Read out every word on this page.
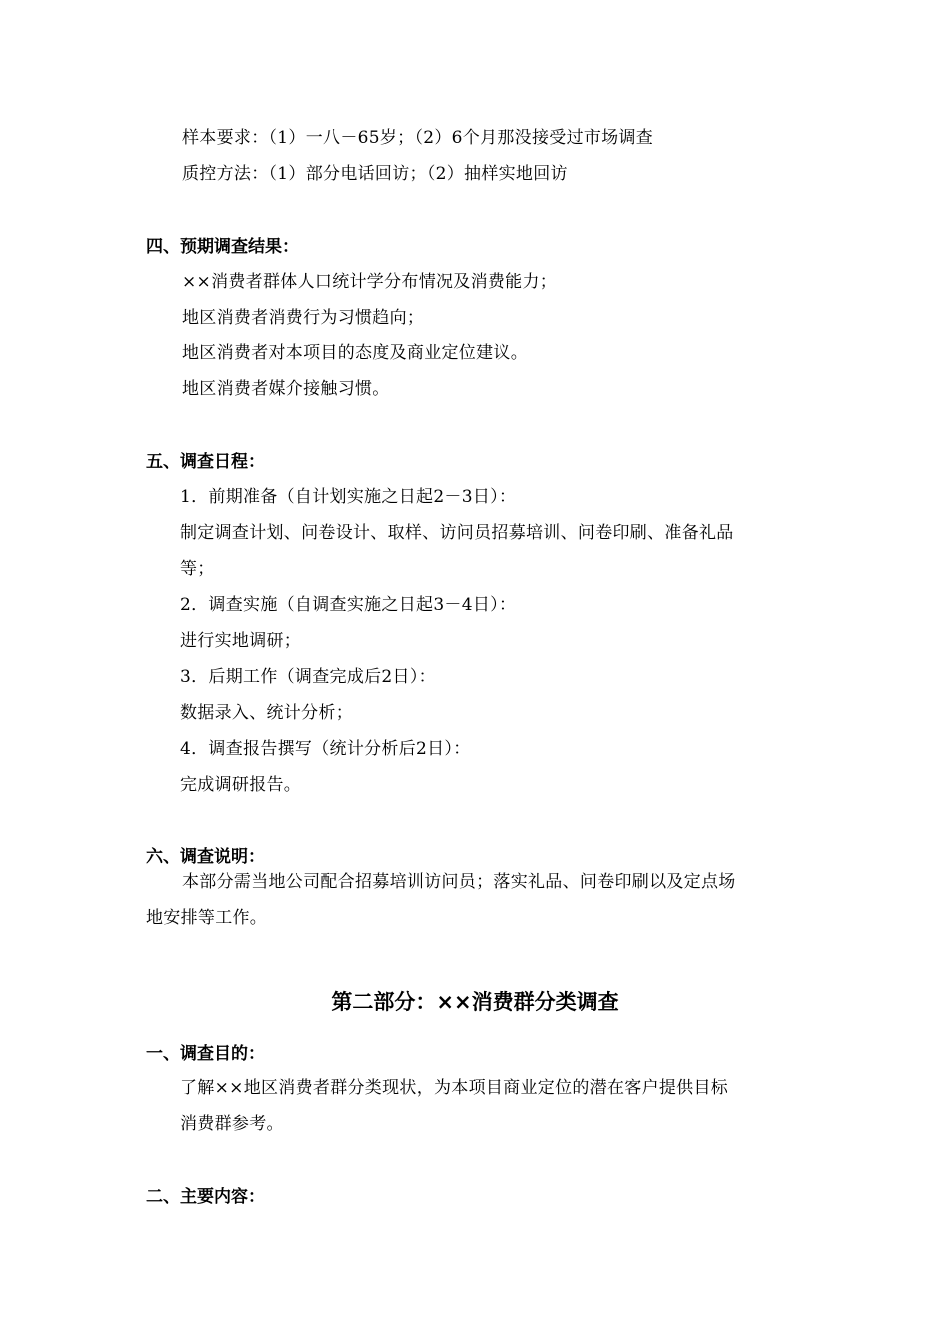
样本要求：（1）一八－65岁；（2）6个月那没接受过市场调查
质控方法：（1）部分电话回访；（2）抽样实地回访
四、预期调查结果：
××消费者群体人口统计学分布情况及消费能力；
地区消费者消费行为习惯趋向；
地区消费者对本项目的态度及商业定位建议。
地区消费者媒介接触习惯。
五、调查日程：
1．前期准备（自计划实施之日起2－3日）：
制定调查计划、问卷设计、取样、访问员招募培训、问卷印刷、准备礼品
等；
2．调查实施（自调查实施之日起3－4日）：
进行实地调研；
3．后期工作（调查完成后2日）：
数据录入、统计分析；
4．调查报告撰写（统计分析后2日）：
完成调研报告。
六、调查说明：
本部分需当地公司配合招募培训访问员；落实礼品、问卷印刷以及定点场
地安排等工作。
第二部分：××消费群分类调查
一、调查目的：
了解××地区消费者群分类现状，为本项目商业定位的潜在客户提供目标
消费群参考。
二、主要内容：
